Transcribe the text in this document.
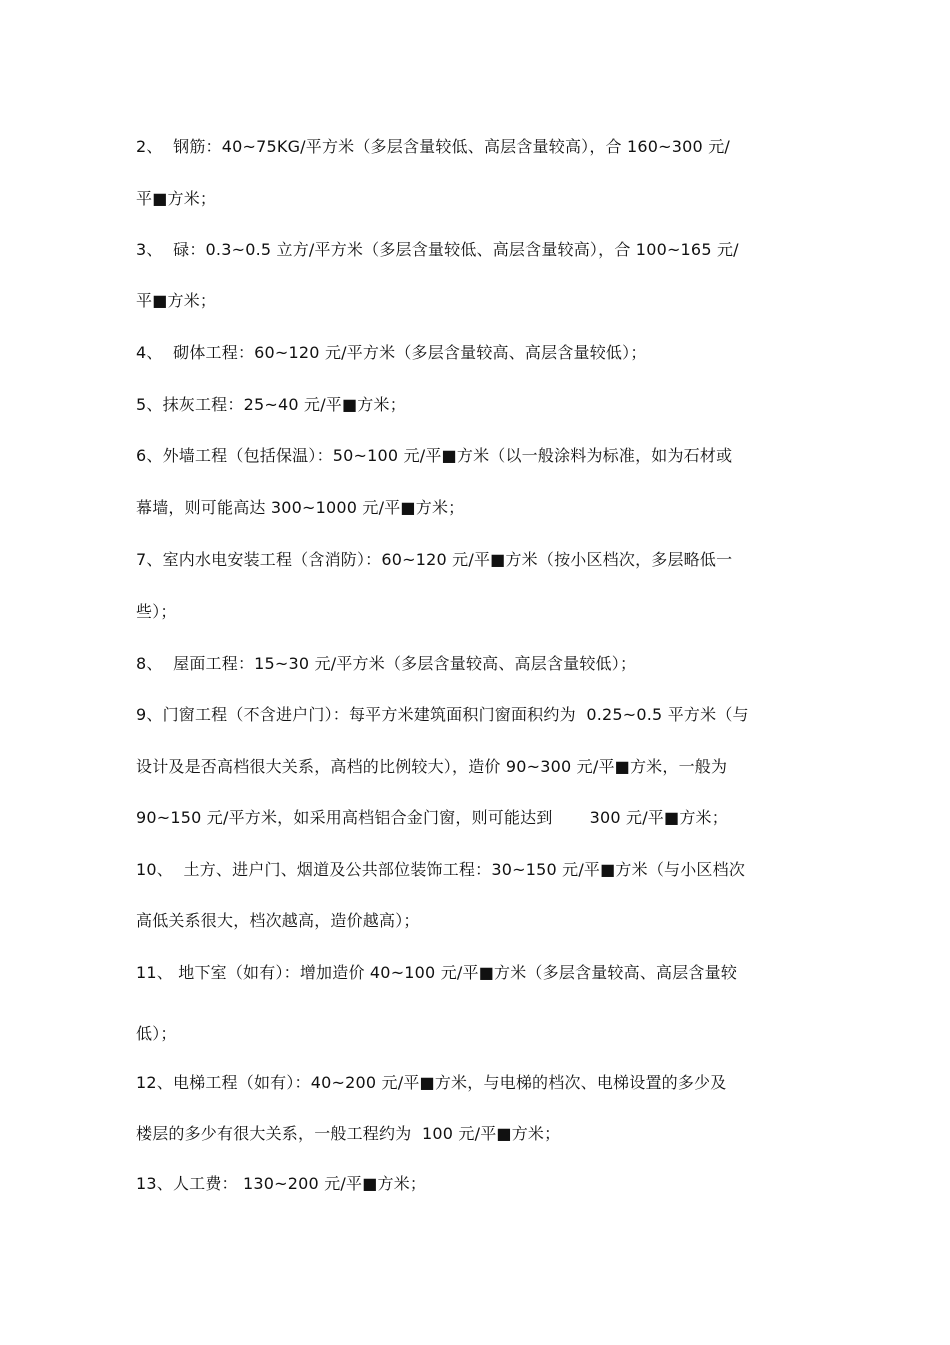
2、  钢筋：40~75KG/平方米（多层含量较低、高层含量较高），合 160~300 元/
平■方米；
3、  碌：0.3~0.5 立方/平方米（多层含量较低、高层含量较高），合 100~165 元/
平■方米；
4、  砌体工程：60~120 元/平方米（多层含量较高、高层含量较低）；
5、抹灰工程：25~40 元/平■方米；
6、外墙工程（包括保温）：50~100 元/平■方米（以一般涂料为标准，如为石材或
幕墙，则可能高达 300~1000 元/平■方米；
7、室内水电安装工程（含消防）：60~120 元/平■方米（按小区档次，多层略低一
些）；
8、  屋面工程：15~30 元/平方米（多层含量较高、高层含量较低）；
9、门窗工程（不含进户门）：每平方米建筑面积门窗面积约为  0.25~0.5 平方米（与
设计及是否高档很大关系，高档的比例较大），造价 90~300 元/平■方米，一般为
90~150 元/平方米，如采用高档铝合金门窗，则可能达到       300 元/平■方米；
10、  土方、进户门、烟道及公共部位装饰工程：30~150 元/平■方米（与小区档次
高低关系很大，档次越高，造价越高）；
11、 地下室（如有）：增加造价 40~100 元/平■方米（多层含量较高、高层含量较
低）；
12、电梯工程（如有）：40~200 元/平■方米，与电梯的档次、电梯设置的多少及
楼层的多少有很大关系，一般工程约为  100 元/平■方米；
13、人工费： 130~200 元/平■方米；
